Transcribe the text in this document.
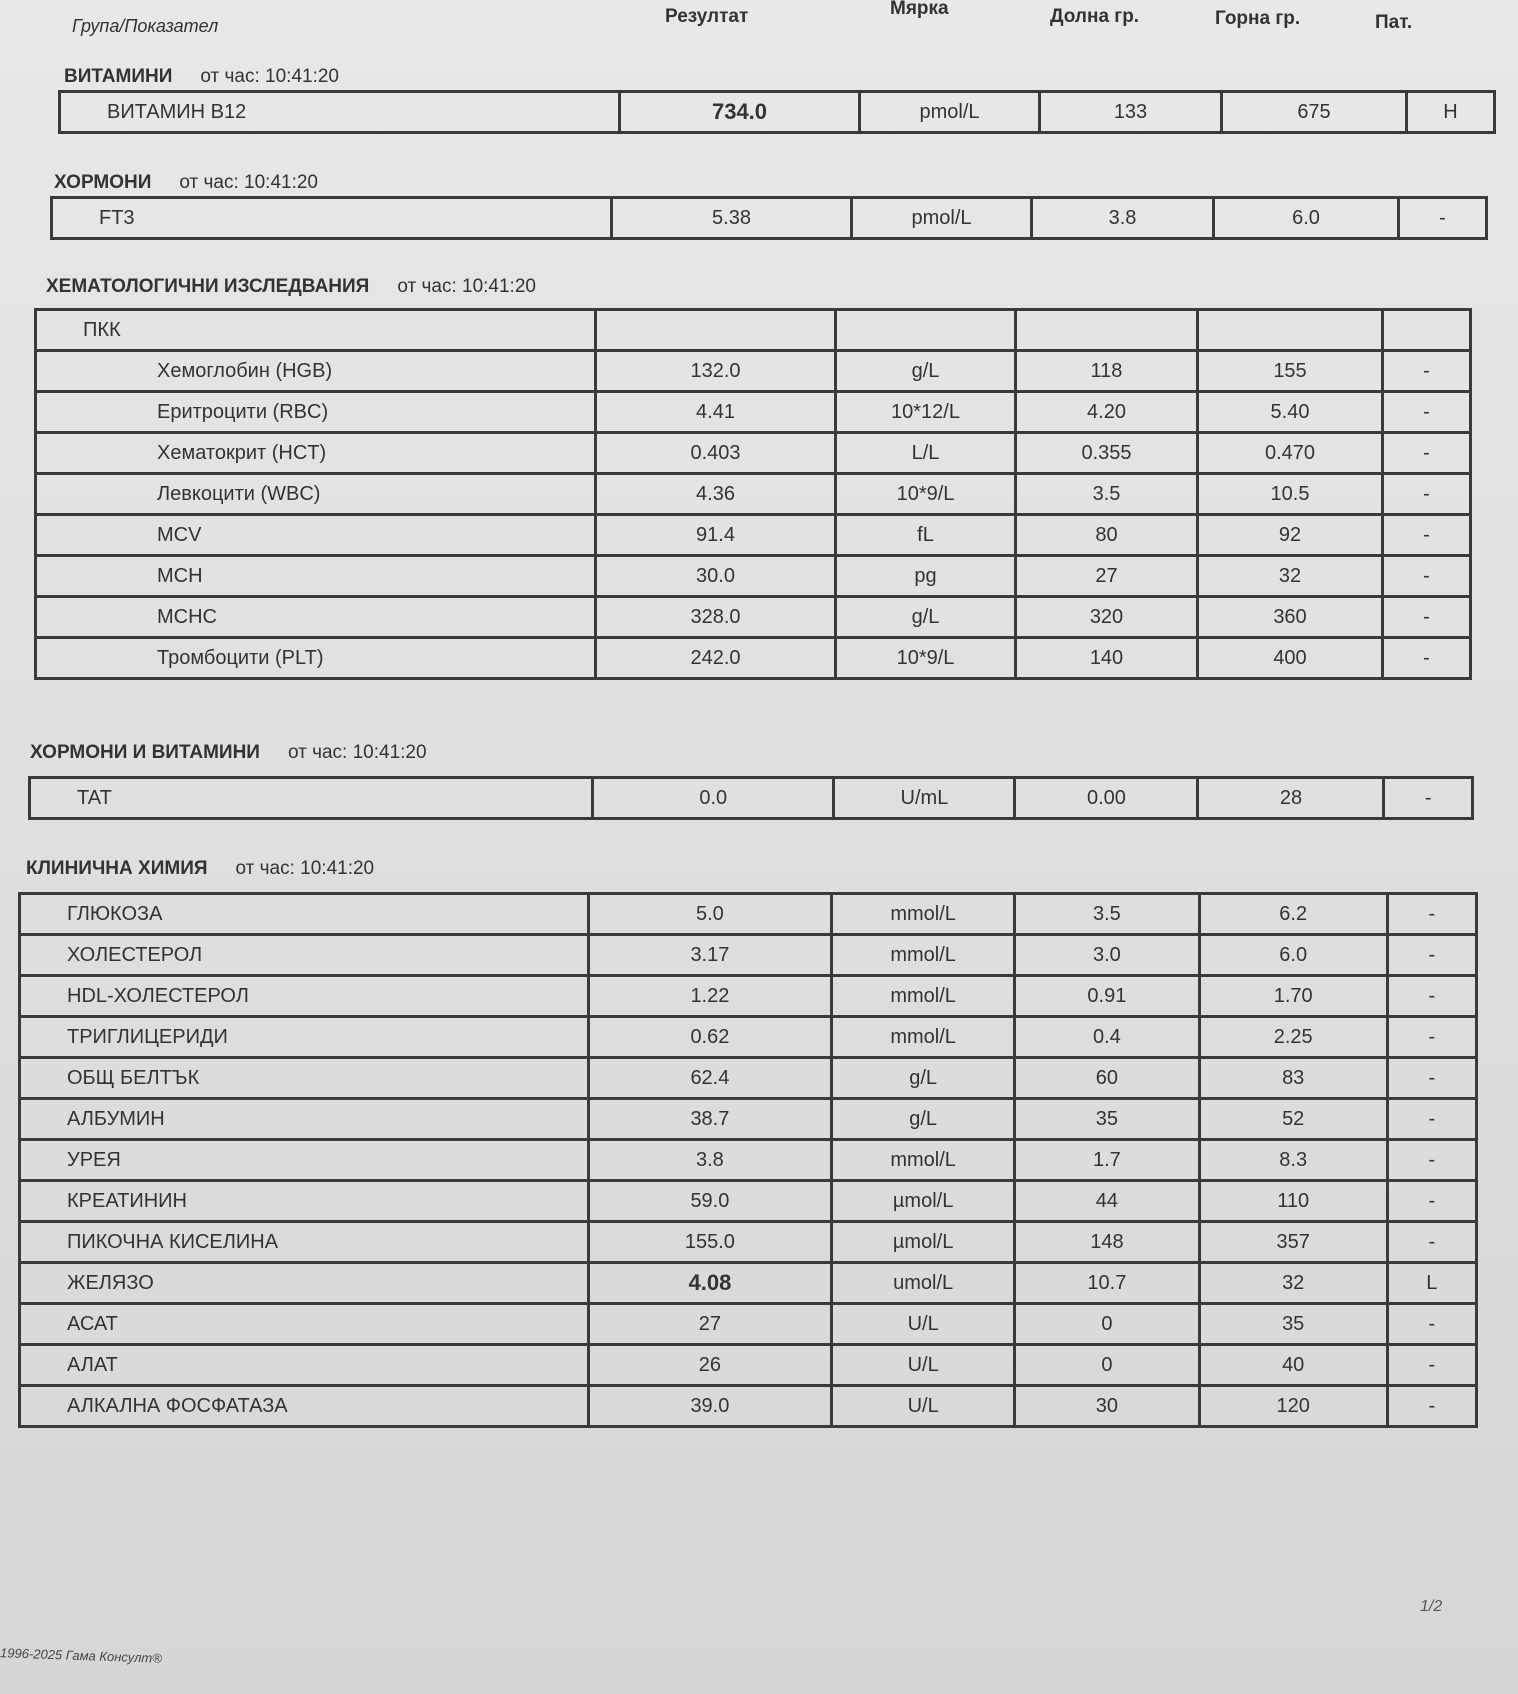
Група/Показател	Резултат	Мярка	Долна гр.	Горна гр.	Пат.
ВИТАМИНИ от час: 10:41:20
ВИТАМИН В12	734.0	pmol/L	133	675	H
ХОРМОНИ от час: 10:41:20
FT3	5.38	pmol/L	3.8	6.0	-
ХЕМАТОЛОГИЧНИ ИЗСЛЕДВАНИЯ от час: 10:41:20
ПКК					
Хемоглобин (HGB)	132.0	g/L	118	155	-
Еритроцити (RBC)	4.41	10*12/L	4.20	5.40	-
Хематокрит (HCT)	0.403	L/L	0.355	0.470	-
Левкоцити (WBC)	4.36	10*9/L	3.5	10.5	-
MCV	91.4	fL	80	92	-
MCH	30.0	pg	27	32	-
MCHC	328.0	g/L	320	360	-
Тромбоцити (PLT)	242.0	10*9/L	140	400	-
ХОРМОНИ И ВИТАМИНИ от час: 10:41:20
TAT	0.0	U/mL	0.00	28	-
КЛИНИЧНА ХИМИЯ от час: 10:41:20
ГЛЮКОЗА	5.0	mmol/L	3.5	6.2	-
ХОЛЕСТЕРОЛ	3.17	mmol/L	3.0	6.0	-
HDL-ХОЛЕСТЕРОЛ	1.22	mmol/L	0.91	1.70	-
ТРИГЛИЦЕРИДИ	0.62	mmol/L	0.4	2.25	-
ОБЩ БЕЛТЪК	62.4	g/L	60	83	-
АЛБУМИН	38.7	g/L	35	52	-
УРЕЯ	3.8	mmol/L	1.7	8.3	-
КРЕАТИНИН	59.0	µmol/L	44	110	-
ПИКОЧНА КИСЕЛИНА	155.0	µmol/L	148	357	-
ЖЕЛЯЗО	4.08	umol/L	10.7	32	L
АСАТ	27	U/L	0	35	-
АЛАТ	26	U/L	0	40	-
АЛКАЛНА ФОСФАТАЗА	39.0	U/L	30	120	-
1/2
1996-2025 Гама Консулт®
